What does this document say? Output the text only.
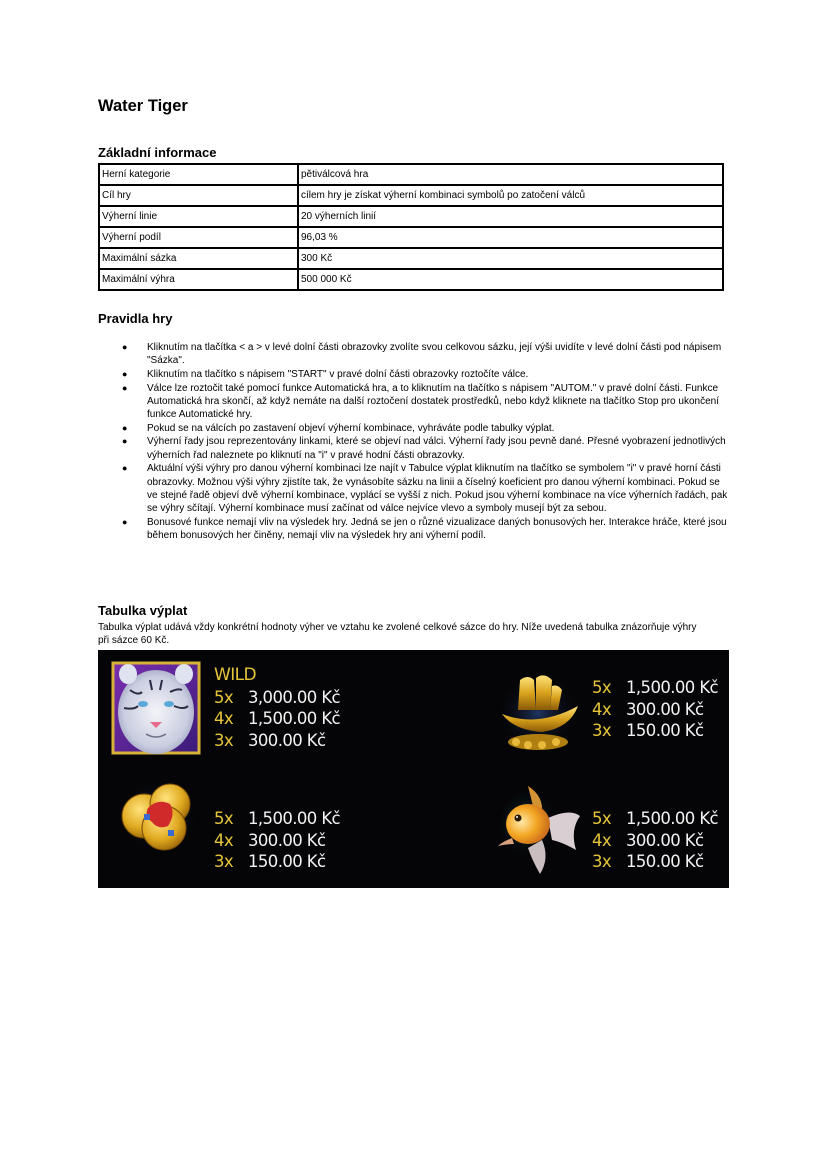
Water Tiger
Základní informace
Herní kategorie	pětiválcová hra
Cíl hry	cílem hry je získat výherní kombinaci symbolů po zatočení válců
Výherní linie	20 výherních linií
Výherní podíl	96,03 %
Maximální sázka	300 Kč
Maximální výhra	500 000 Kč
Pravidla hry
● Kliknutím na tlačítka < a > v levé dolní části obrazovky zvolíte svou celkovou sázku, její výši uvidíte v levé dolní části pod nápisem "Sázka".
● Kliknutím na tlačítko s nápisem "START" v pravé dolní části obrazovky roztočíte válce.
● Válce lze roztočit také pomocí funkce Automatická hra, a to kliknutím na tlačítko s nápisem "AUTOM." v pravé dolní části. Funkce Automatická hra skončí, až když nemáte na další roztočení dostatek prostředků, nebo když kliknete na tlačítko Stop pro ukončení funkce Automatické hry.
● Pokud se na válcích po zastavení objeví výherní kombinace, vyhráváte podle tabulky výplat.
● Výherní řady jsou reprezentovány linkami, které se objeví nad válci. Výherní řady jsou pevně dané. Přesné vyobrazení jednotlivých výherních řad naleznete po kliknutí na "i" v pravé hodní části obrazovky.
● Aktuální výši výhry pro danou výherní kombinaci lze najít v Tabulce výplat kliknutím na tlačítko se symbolem "i" v pravé horní části obrazovky. Možnou výši výhry zjistíte tak, že vynásobíte sázku na linii a číselný koeficient pro danou výherní kombinaci. Pokud se ve stejné řadě objeví dvě výherní kombinace, vyplácí se vyšší z nich. Pokud jsou výherní kombinace na více výherních řadách, pak se výhry sčítají. Výherní kombinace musí začínat od válce nejvíce vlevo a symboly musejí být za sebou.
● Bonusové funkce nemají vliv na výsledek hry. Jedná se jen o různé vizualizace daných bonusových her. Interakce hráče, které jsou během bonusových her činěny, nemají vliv na výsledek hry ani výherní podíl.
Tabulka výplat

Tabulka výplat udává vždy konkrétní hodnoty výher ve vztahu ke zvolené celkové sázce do hry. Níže uvedená tabulka znázorňuje výhry při sázce 60 Kč.

WILD
5x 3,000.00 Kč
4x 1,500.00 Kč
3x 300.00 Kč
5x 1,500.00 Kč
4x 300.00 Kč
3x 150.00 Kč
5x 1,500.00 Kč
4x 300.00 Kč
3x 150.00 Kč
5x 1,500.00 Kč
4x 300.00 Kč
3x 150.00 Kč
